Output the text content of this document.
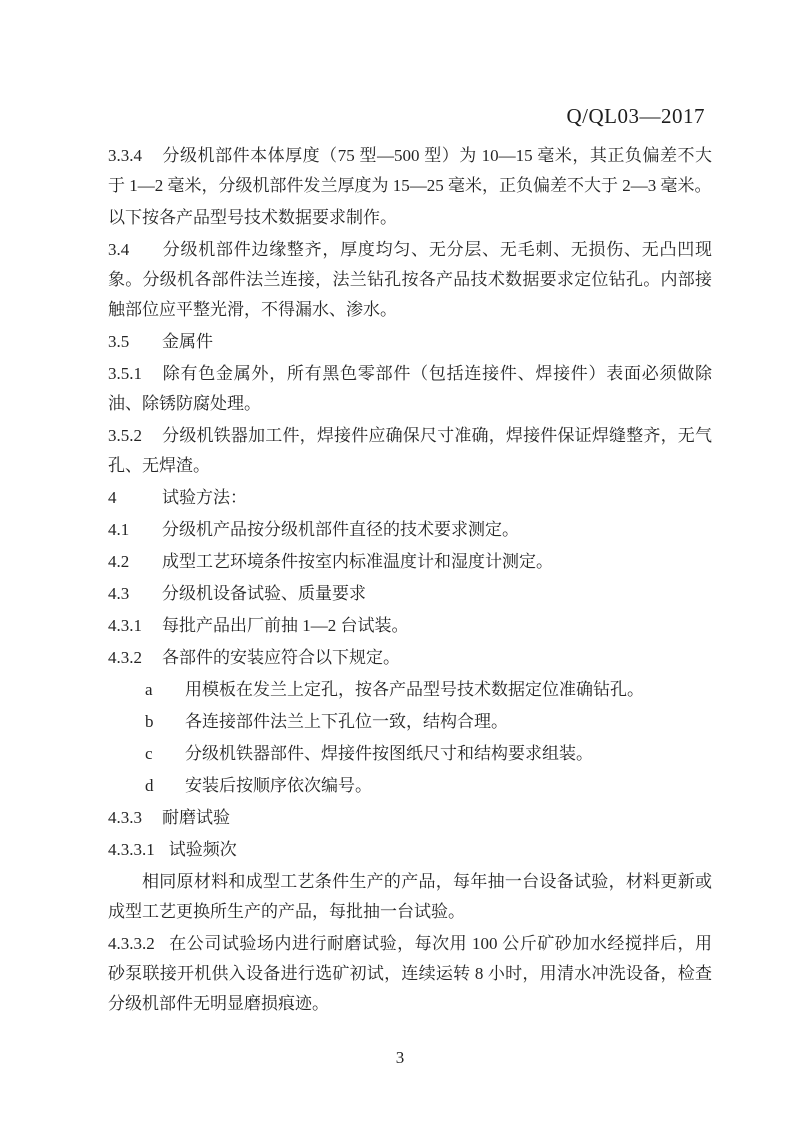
Q/QL03—2017

3.3.4 分级机部件本体厚度（75 型—500 型）为 10—15 毫米，其正负偏差不大于 1—2 毫米，分级机部件发兰厚度为 15—25 毫米，正负偏差不大于 2—3 毫米。

以下按各产品型号技术数据要求制作。

3.4 分级机部件边缘整齐，厚度均匀、无分层、无毛刺、无损伤、无凸凹现象。分级机各部件法兰连接，法兰钻孔按各产品技术数据要求定位钻孔。内部接触部位应平整光滑，不得漏水、渗水。

3.5 金属件

3.5.1 除有色金属外，所有黑色零部件（包括连接件、焊接件）表面必须做除油、除锈防腐处理。

3.5.2 分级机铁器加工件，焊接件应确保尺寸准确，焊接件保证焊缝整齐，无气孔、无焊渣。

4	试验方法：

4.1 分级机产品按分级机部件直径的技术要求测定。

4.2 成型工艺环境条件按室内标准温度计和湿度计测定。

4.3 分级机设备试验、质量要求

4.3.1 每批产品出厂前抽 1—2 台试装。

4.3.2 各部件的安装应符合以下规定。

a 用模板在发兰上定孔，按各产品型号技术数据定位准确钻孔。

b 各连接部件法兰上下孔位一致，结构合理。

c 分级机铁器部件、焊接件按图纸尺寸和结构要求组装。

d 安装后按顺序依次编号。

4.3.3 耐磨试验

4.3.3.1 试验频次

相同原材料和成型工艺条件生产的产品，每年抽一台设备试验，材料更新或成型工艺更换所生产的产品，每批抽一台试验。

4.3.3.2 在公司试验场内进行耐磨试验，每次用 100 公斤矿砂加水经搅拌后，用砂泵联接开机供入设备进行选矿初试，连续运转 8 小时，用清水冲洗设备，检查分级机部件无明显磨损痕迹。

3
